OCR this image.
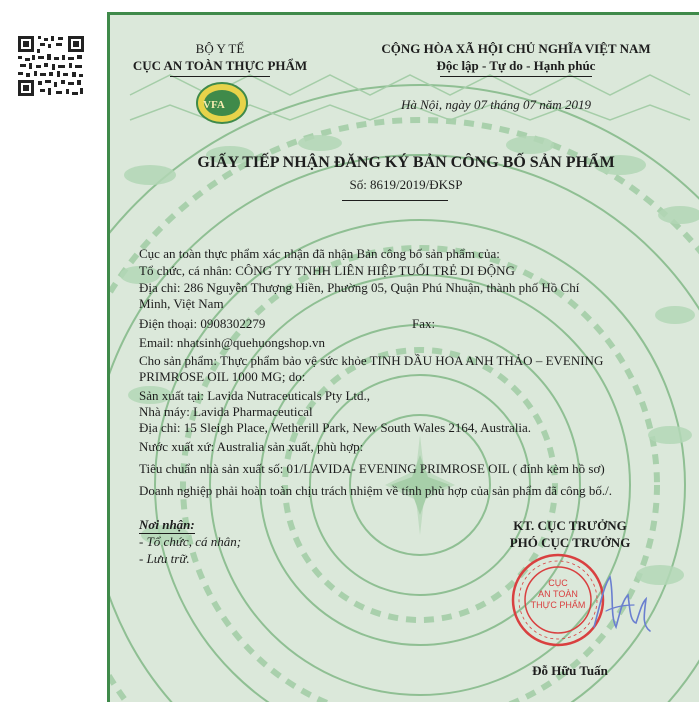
VFA
BỘ Y TẾ
CỤC AN TOÀN THỰC PHẨM
CỘNG HÒA XÃ HỘI CHỦ NGHĨA VIỆT NAM
Độc lập - Tự do - Hạnh phúc
Hà Nội, ngày 07 tháng 07 năm 2019
GIẤY TIẾP NHẬN ĐĂNG KÝ BẢN CÔNG BỐ SẢN PHẨM
Số: 8619/2019/ĐKSP
Cục an toàn thực phẩm xác nhận đã nhận Bản công bố sản phẩm của:
Tổ chức, cá nhân: CÔNG TY TNHH LIÊN HIỆP TUỔI TRẺ DI ĐỘNG
Địa chỉ: 286 Nguyễn Thượng Hiền, Phường 05, Quận Phú Nhuận, thành phố Hồ Chí
Minh, Việt Nam
Điện thoại: 0908302279	Fax:
Email: nhatsinh@quehuongshop.vn
Cho sản phẩm: Thực phẩm bảo vệ sức khỏe TINH DẦU HOA ANH THẢO – EVENING
PRIMROSE OIL 1000 MG; do:
Sản xuất tại: Lavida Nutraceuticals Pty Ltd.,
Nhà máy: Lavida Pharmaceutical
Địa chỉ: 15 Sleigh Place, Wetherill Park, New South Wales 2164, Australia.
Nước xuất xứ: Australia sản xuất, phù hợp:
Tiêu chuẩn nhà sản xuất số: 01/LAVIDA- EVENING PRIMROSE OIL ( đính kèm hồ sơ)
Doanh nghiệp phải hoàn toàn chịu trách nhiệm về tính phù hợp của sản phẩm đã công bố./.
Nơi nhận:
- Tổ chức, cá nhân;
- Lưu trữ.
KT. CỤC TRƯỞNG
PHÓ CỤC TRƯỞNG
CỤC
AN TOÀN
THỰC PHẨM
Đỗ Hữu Tuấn
